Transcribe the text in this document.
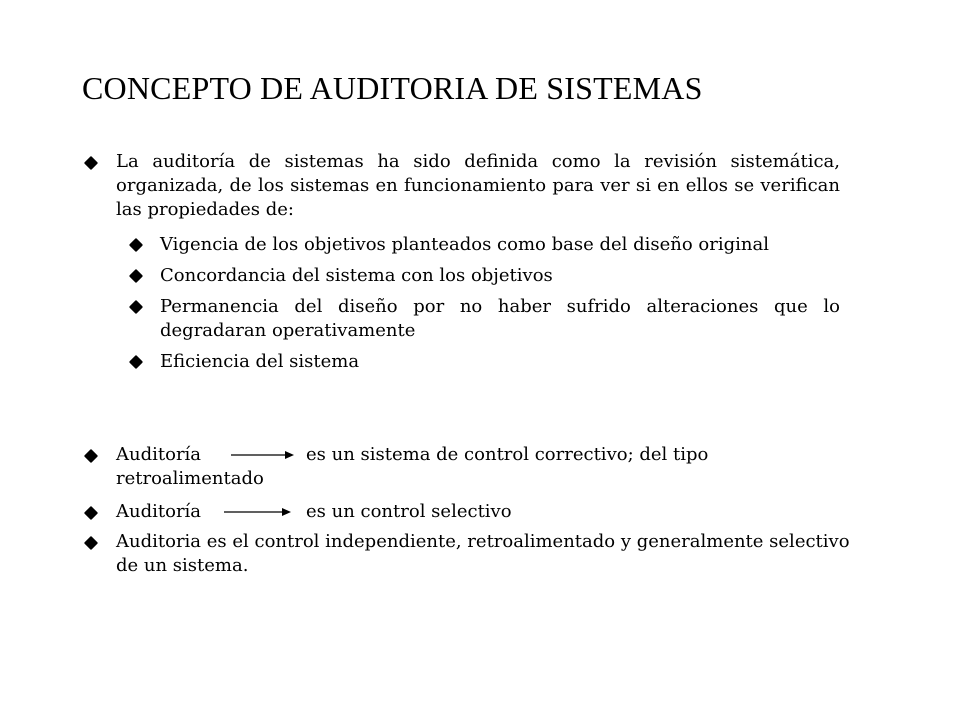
CONCEPTO DE AUDITORIA DE SISTEMAS
La auditoría de sistemas ha sido definida como la revisión sistemática, organizada, de los sistemas en funcionamiento para ver si en ellos se verifican las propiedades de:
Vigencia de los objetivos planteados como base del diseño original
Concordancia del sistema con los objetivos
Permanencia del diseño por no haber sufrido alteraciones que lo degradaran operativamente
Eficiencia del sistema
Auditoría	es un sistema de control correctivo; del tipo
retroalimentado
Auditoría	es un control selectivo
Auditoria es el control independiente, retroalimentado y generalmente selectivo de un sistema.
